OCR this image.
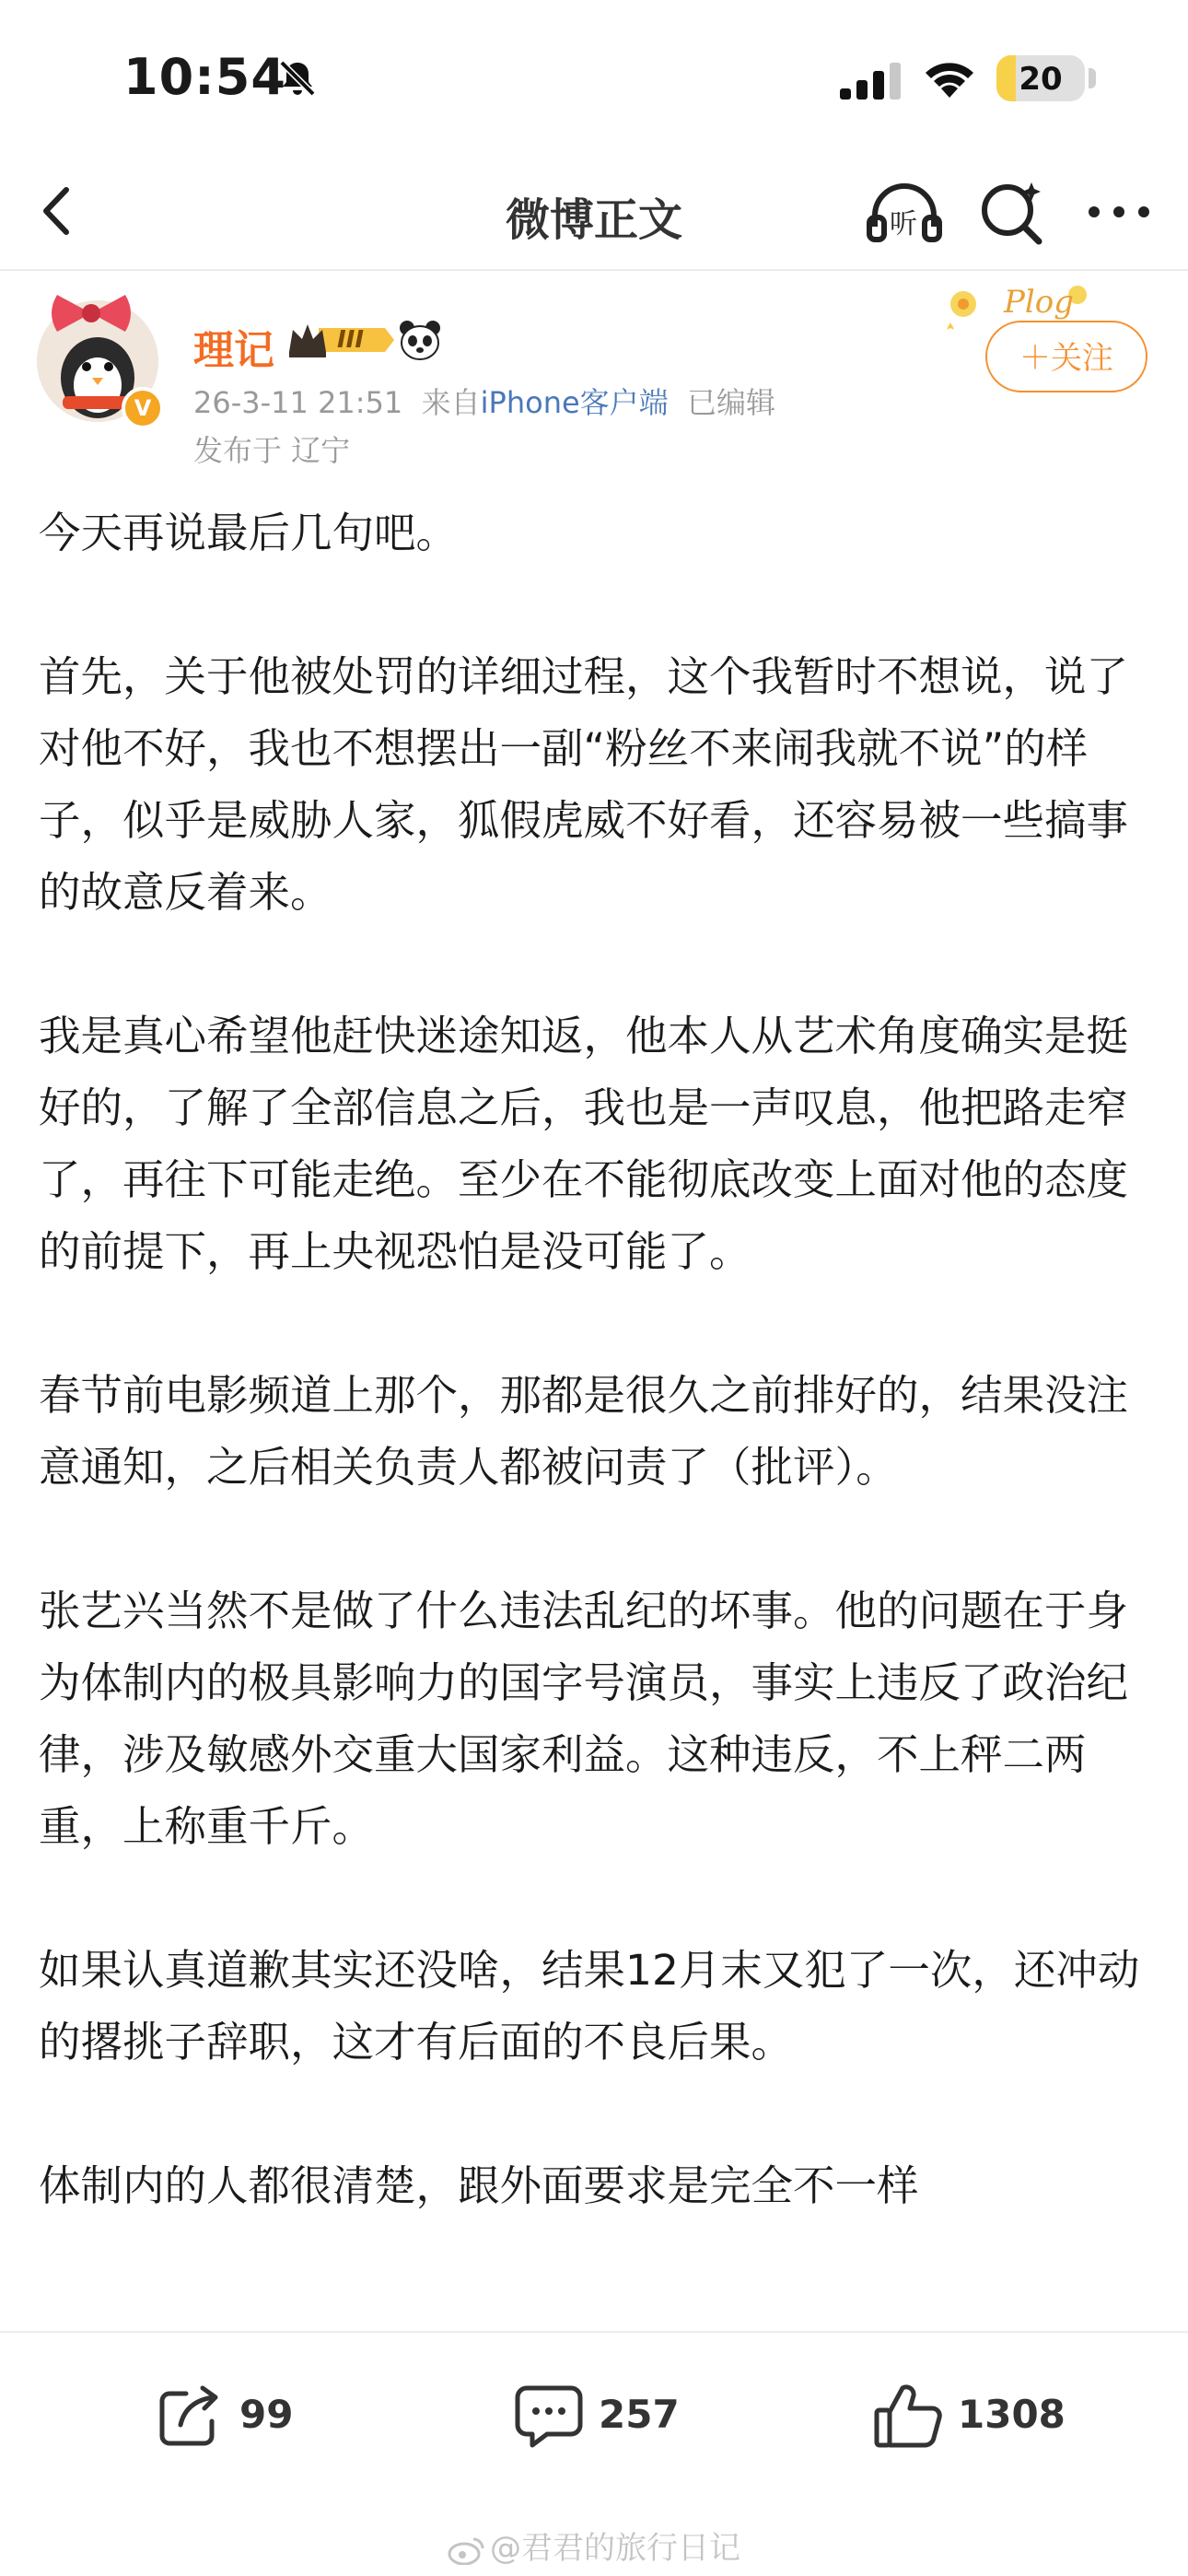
10:54	20
微博正文	听
V
理记	III
26-3-11 21:51 来自iPhone客户端 已编辑
发布于 辽宁
Plog
＋关注

今天再说最后几句吧。

首先，关于他被处罚的详细过程，这个我暂时不想说，说了对他不好，我也不想摆出一副“粉丝不来闹我就不说”的样子，似乎是威胁人家，狐假虎威不好看，还容易被一些搞事的故意反着来。

我是真心希望他赶快迷途知返，他本人从艺术角度确实是挺好的，了解了全部信息之后，我也是一声叹息，他把路走窄了，再往下可能走绝。至少在不能彻底改变上面对他的态度的前提下，再上央视恐怕是没可能了。

春节前电影频道上那个，那都是很久之前排好的，结果没注意通知，之后相关负责人都被问责了（批评）。

张艺兴当然不是做了什么违法乱纪的坏事。他的问题在于身为体制内的极具影响力的国字号演员，事实上违反了政治纪律，涉及敏感外交重大国家利益。这种违反，不上秤二两重，上称重千斤。

如果认真道歉其实还没啥，结果12月末又犯了一次，还冲动的撂挑子辞职，这才有后面的不良后果。

体制内的人都很清楚，跟外面要求是完全不一样

99	257	1308
@君君的旅行日记
